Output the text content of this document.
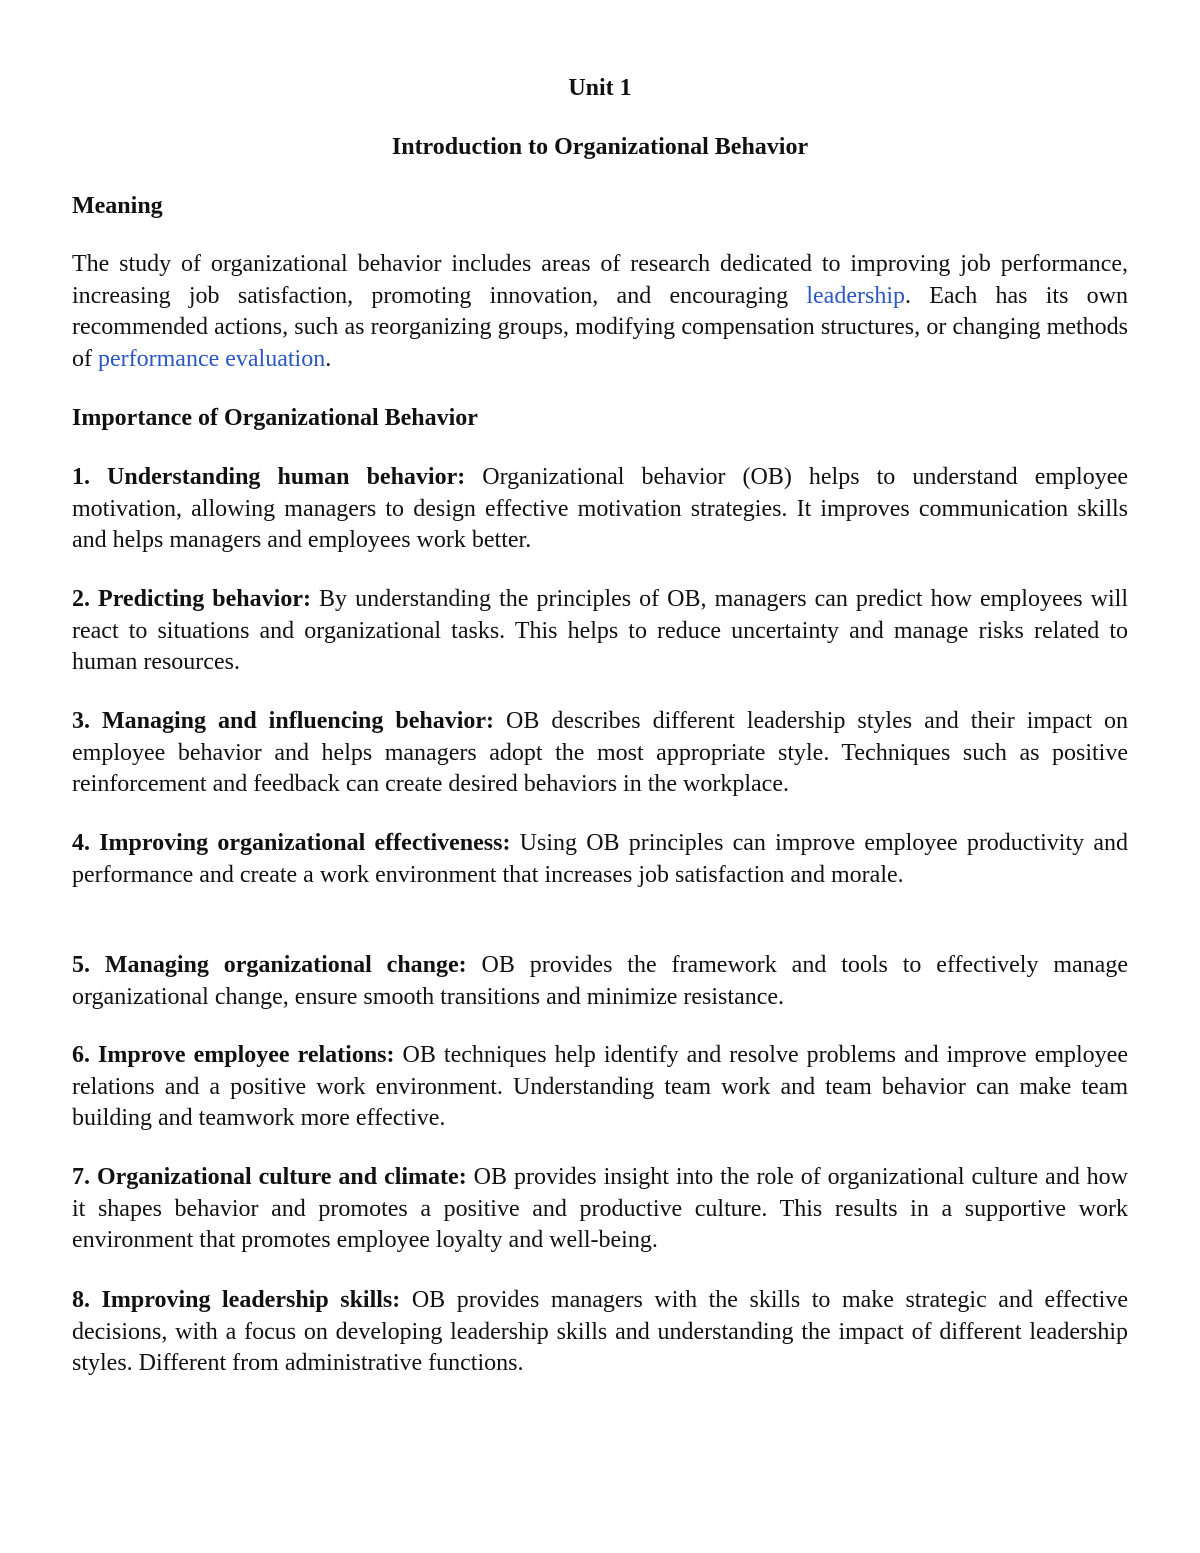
Unit 1
Introduction to Organizational Behavior
Meaning

The study of organizational behavior includes areas of research dedicated to improving job performance, increasing job satisfaction, promoting innovation, and encouraging leadership. Each has its own recommended actions, such as reorganizing groups, modifying compensation structures, or changing methods of performance evaluation.

Importance of Organizational Behavior

1. Understanding human behavior: Organizational behavior (OB) helps to understand employee motivation, allowing managers to design effective motivation strategies. It improves communication skills and helps managers and employees work better.

2. Predicting behavior: By understanding the principles of OB, managers can predict how employees will react to situations and organizational tasks. This helps to reduce uncertainty and manage risks related to human resources.

3. Managing and influencing behavior: OB describes different leadership styles and their impact on employee behavior and helps managers adopt the most appropriate style. Techniques such as positive reinforcement and feedback can create desired behaviors in the workplace.

4. Improving organizational effectiveness: Using OB principles can improve employee productivity and performance and create a work environment that increases job satisfaction and morale.

5. Managing organizational change: OB provides the framework and tools to effectively manage organizational change, ensure smooth transitions and minimize resistance.

6. Improve employee relations: OB techniques help identify and resolve problems and improve employee relations and a positive work environment. Understanding team work and team behavior can make team building and teamwork more effective.

7. Organizational culture and climate: OB provides insight into the role of organizational culture and how it shapes behavior and promotes a positive and productive culture. This results in a supportive work environment that promotes employee loyalty and well-being.

8. Improving leadership skills: OB provides managers with the skills to make strategic and effective decisions, with a focus on developing leadership skills and understanding the impact of different leadership styles. Different from administrative functions.
